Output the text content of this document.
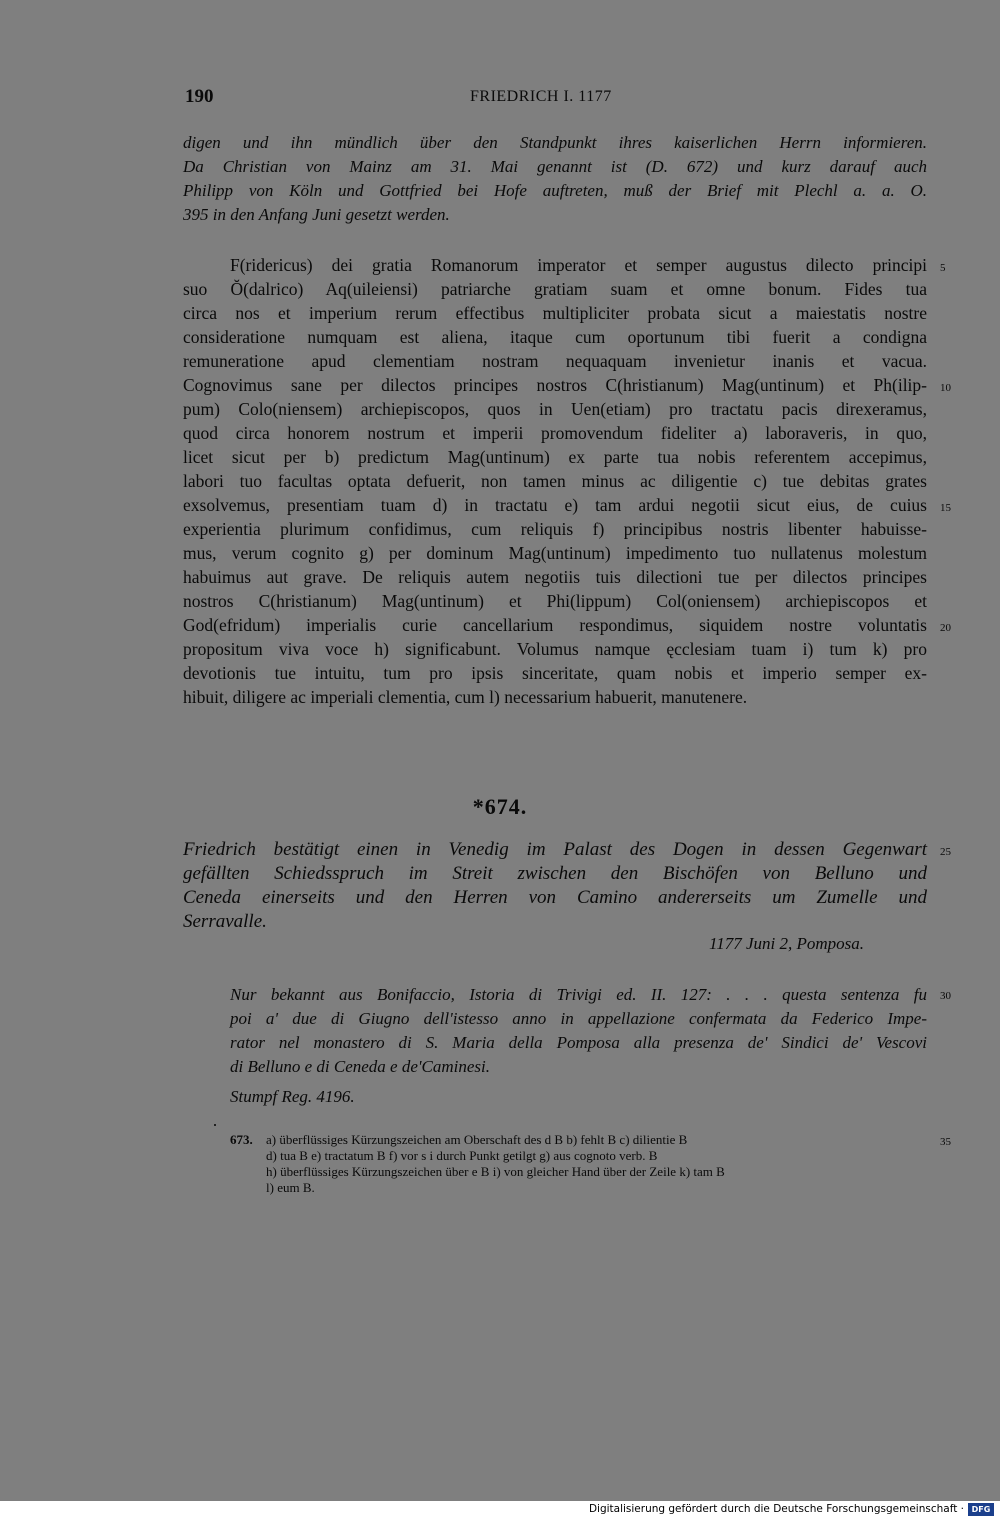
190	FRIEDRICH I. 1177
digen und ihn mündlich über den Standpunkt ihres kaiserlichen Herrn informieren.
Da Christian von Mainz am 31. Mai genannt ist (D. 672) und kurz darauf auch
Philipp von Köln und Gottfried bei Hofe auftreten, muß der Brief mit Plechl a. a. O.
395 in den Anfang Juni gesetzt werden.
F(ridericus) dei gratia Romanorum imperator et semper augustus dilecto principi
suo Ŏ(dalrico) Aq(uileiensi) patriarche gratiam suam et omne bonum. Fides tua
circa nos et imperium rerum effectibus multipliciter probata sicut a maiestatis nostre
consideratione numquam est aliena, itaque cum oportunum tibi fuerit a condigna
remuneratione apud clementiam nostram nequaquam invenietur inanis et vacua.
Cognovimus sane per dilectos principes nostros C(hristianum) Mag(untinum) et Ph(ilip-
pum) Colo(niensem) archiepiscopos, quos in Uen(etiam) pro tractatu pacis direxeramus,
quod circa honorem nostrum et imperii promovendum fideliter a) laboraveris, in quo,
licet sicut per b) predictum Mag(untinum) ex parte tua nobis referentem accepimus,
labori tuo facultas optata defuerit, non tamen minus ac diligentie c) tue debitas grates
exsolvemus, presentiam tuam d) in tractatu e) tam ardui negotii sicut eius, de cuius
experientia plurimum confidimus, cum reliquis f) principibus nostris libenter habuisse-
mus, verum cognito g) per dominum Mag(untinum) impedimento tuo nullatenus molestum
habuimus aut grave. De reliquis autem negotiis tuis dilectioni tue per dilectos principes
nostros C(hristianum) Mag(untinum) et Phi(lippum) Col(oniensem) archiepiscopos et
God(efridum) imperialis curie cancellarium respondimus, siquidem nostre voluntatis
propositum viva voce h) significabunt. Volumus namque ęcclesiam tuam i) tum k) pro
devotionis tue intuitu, tum pro ipsis sinceritate, quam nobis et imperio semper ex-
hibuit, diligere ac imperiali clementia, cum l) necessarium habuerit, manutenere.
5
10
15
20
25
30
35
*674.
Friedrich bestätigt einen in Venedig im Palast des Dogen in dessen Gegenwart
gefällten Schiedsspruch im Streit zwischen den Bischöfen von Belluno und
Ceneda einerseits und den Herren von Camino andererseits um Zumelle und
Serravalle.
1177 Juni 2, Pomposa.
Nur bekannt aus Bonifaccio, Istoria di Trivigi ed. II. 127: . . . questa sentenza fu
poi a' due di Giugno dell'istesso anno in appellazione confermata da Federico Impe-
rator nel monastero di S. Maria della Pomposa alla presenza de' Sindici de' Vescovi
di Belluno e di Ceneda e de'Caminesi.
Stumpf Reg. 4196.
673. a) überflüssiges Kürzungszeichen am Oberschaft des d B b) fehlt B c) dilientie B
d) tua B e) tractatum B f) vor s i durch Punkt getilgt g) aus cognoto verb. B
h) überflüssiges Kürzungszeichen über e B i) von gleicher Hand über der Zeile k) tam B
l) eum B.
Digitalisierung gefördert durch die Deutsche Forschungsgemeinschaft · DFG
